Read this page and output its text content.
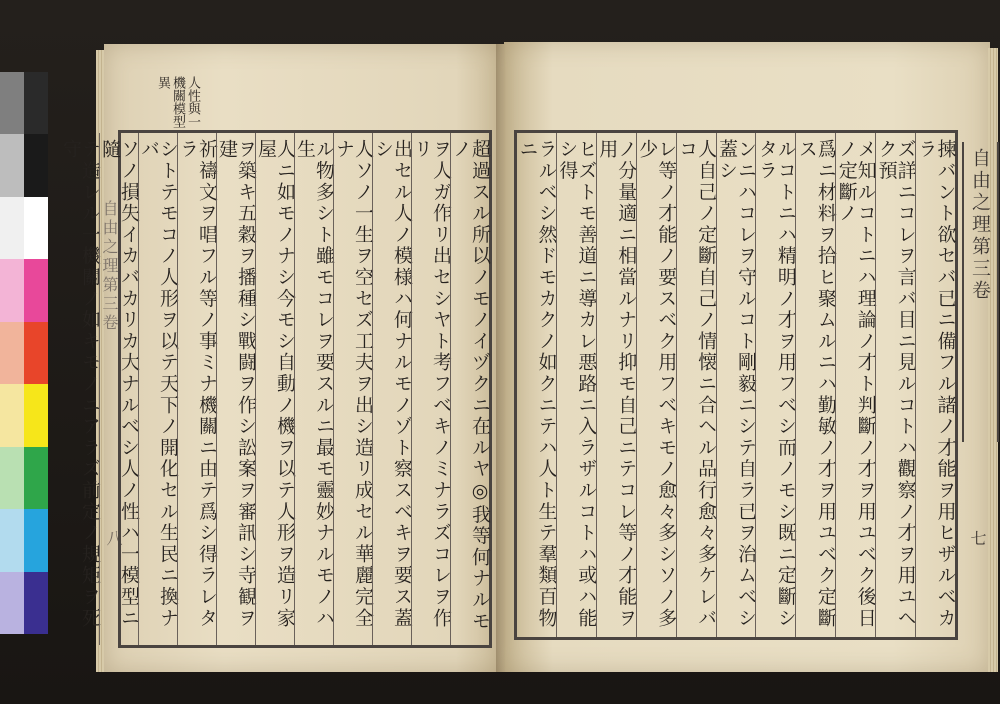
人性與一機關模型異
自由之理第三卷
八	超過スル所以ノモノイヅクニ在ルヤ◎我等何ナルモノ
ヲ人ガ作リ出セシヤト考フベキノミナラズコレヲ作リ
出セル人ノ模様ハ何ナルモノゾト察スベキヲ要ス蓋シ
人ソノ一生ヲ空セズ工夫ヲ出シ造リ成セル華麗完全ナ
ル物多シト雖モコレヲ要スルニ最モ靈妙ナルモノハ生
人ニ如モノナシ今モシ自動ノ機ヲ以テ人形ヲ造リ家屋
ヲ築キ五穀ヲ播種シ戰闘ヲ作シ訟案ヲ審訊シ寺観ヲ建
祈禱文ヲ唱フル等ノ事ミナ機關ニ由テ爲シ得ラレタラ
シトテモコノ人形ヲ以テ天下ノ開化セル生民ニ換ナバ
ソノ損失イカバカリカ大ナルベシ人ノ性ハ一模型ニ隨
テ造レル一機關ノ如キモノニアラズ前定ノ規矩ヲ死守	揀バント欲セバ已ニ備フル諸ノ才能ヲ用ヒザルベカラ
ズ詳ニコレヲ言バ目ニ見ルコトハ觀察ノ才ヲ用ユヘク預
メ知ルコトニハ理論ノ才ト判斷ノ才ヲ用ユベク後日ノ定斷ノ
爲ニ材料ヲ拾ヒ聚ムルニハ勤敏ノ才ヲ用ユベク定斷ス
ルコトニハ精明ノ才ヲ用フベシ而ノモシ既ニ定斷シタラ
ンニハコレヲ守ルコト剛毅ニシテ自ラ已ヲ治ムベシ蓋シ
人自己ノ定斷自己ノ情懐ニ合ヘル品行愈々多ケレバコ
レ等ノ才能ノ要スベク用フベキモノ愈々多シソノ多少
ノ分量適ニ相當ルナリ抑モ自己ニテコレ等ノ才能ヲ用
ヒズトモ善道ニ導カレ悪路ニ入ラザルコトハ或ハ能シ得
ラルベシ然ドモカクノ如クニテハ人ト生テ羣類百物ニ	自由之理第三卷
七
